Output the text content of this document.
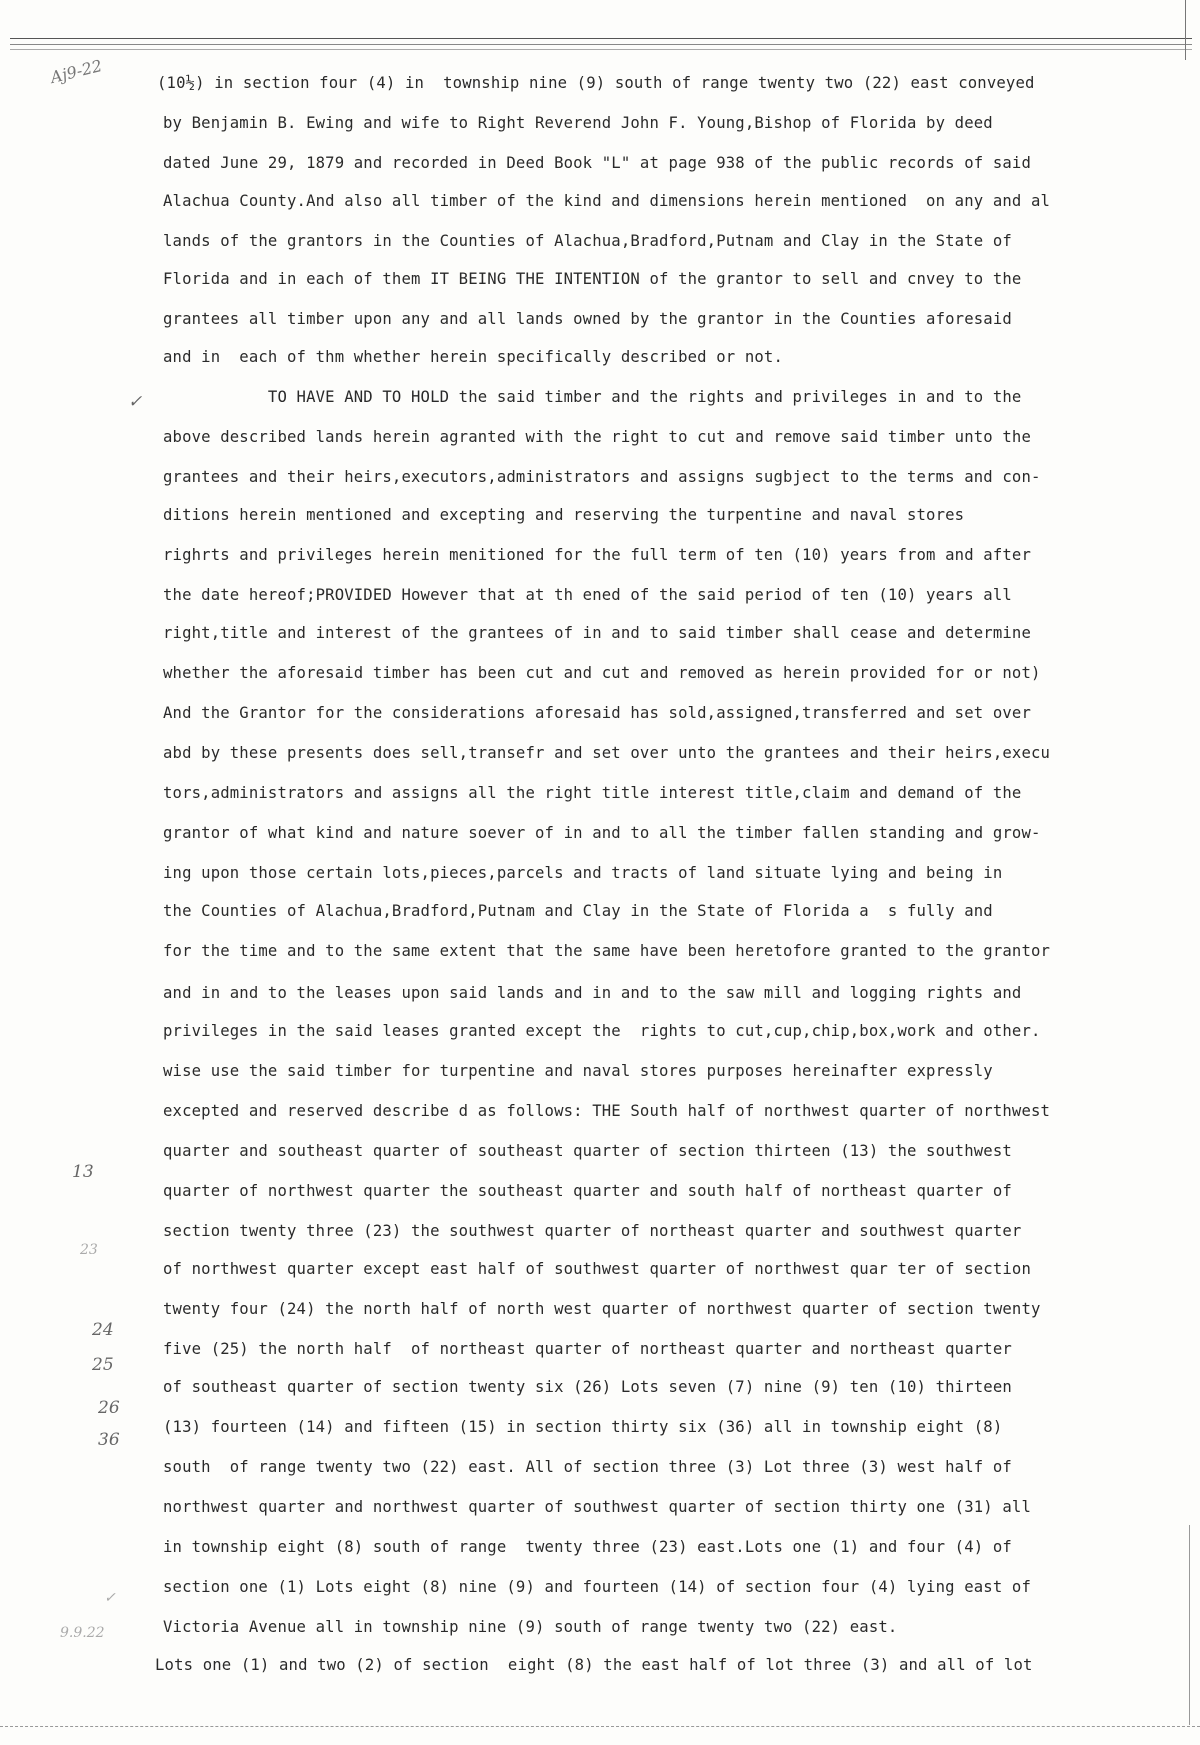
Aj9-22
✓
13
23
24
25
26
36
✓
9.9.22
(10½) in section four (4) in  township nine (9) south of range twenty two (22) east conveyed
by Benjamin B. Ewing and wife to Right Reverend John F. Young,Bishop of Florida by deed
dated June 29, 1879 and recorded in Deed Book "L" at page 938 of the public records of said
Alachua County.And also all timber of the kind and dimensions herein mentioned  on any and al
lands of the grantors in the Counties of Alachua,Bradford,Putnam and Clay in the State of
Florida and in each of them IT BEING THE INTENTION of the grantor to sell and cnvey to the
grantees all timber upon any and all lands owned by the grantor in the Counties aforesaid
and in  each of thm whether herein specifically described or not.
TO HAVE AND TO HOLD the said timber and the rights and privileges in and to the
above described lands herein agranted with the right to cut and remove said timber unto the
grantees and their heirs,executors,administrators and assigns sugbject to the terms and con-
ditions herein mentioned and excepting and reserving the turpentine and naval stores
righrts and privileges herein menitioned for the full term of ten (10) years from and after
the date hereof;PROVIDED However that at th ened of the said period of ten (10) years all
right,title and interest of the grantees of in and to said timber shall cease and determine
whether the aforesaid timber has been cut and cut and removed as herein provided for or not)
And the Grantor for the considerations aforesaid has sold,assigned,transferred and set over
abd by these presents does sell,transefr and set over unto the grantees and their heirs,execu
tors,administrators and assigns all the right title interest title,claim and demand of the
grantor of what kind and nature soever of in and to all the timber fallen standing and grow-
ing upon those certain lots,pieces,parcels and tracts of land situate lying and being in
the Counties of Alachua,Bradford,Putnam and Clay in the State of Florida a  s fully and
for the time and to the same extent that the same have been heretofore granted to the grantor
and in and to the leases upon said lands and in and to the saw mill and logging rights and
privileges in the said leases granted except the  rights to cut,cup,chip,box,work and other.
wise use the said timber for turpentine and naval stores purposes hereinafter expressly
excepted and reserved describe d as follows: THE South half of northwest quarter of northwest
quarter and southeast quarter of southeast quarter of section thirteen (13) the southwest
quarter of northwest quarter the southeast quarter and south half of northeast quarter of
section twenty three (23) the southwest quarter of northeast quarter and southwest quarter
of northwest quarter except east half of southwest quarter of northwest quar ter of section
twenty four (24) the north half of north west quarter of northwest quarter of section twenty
five (25) the north half  of northeast quarter of northeast quarter and northeast quarter
of southeast quarter of section twenty six (26) Lots seven (7) nine (9) ten (10) thirteen
(13) fourteen (14) and fifteen (15) in section thirty six (36) all in township eight (8)
south  of range twenty two (22) east. All of section three (3) Lot three (3) west half of
northwest quarter and northwest quarter of southwest quarter of section thirty one (31) all
in township eight (8) south of range  twenty three (23) east.Lots one (1) and four (4) of
section one (1) Lots eight (8) nine (9) and fourteen (14) of section four (4) lying east of
Victoria Avenue all in township nine (9) south of range twenty two (22) east.
Lots one (1) and two (2) of section  eight (8) the east half of lot three (3) and all of lot
